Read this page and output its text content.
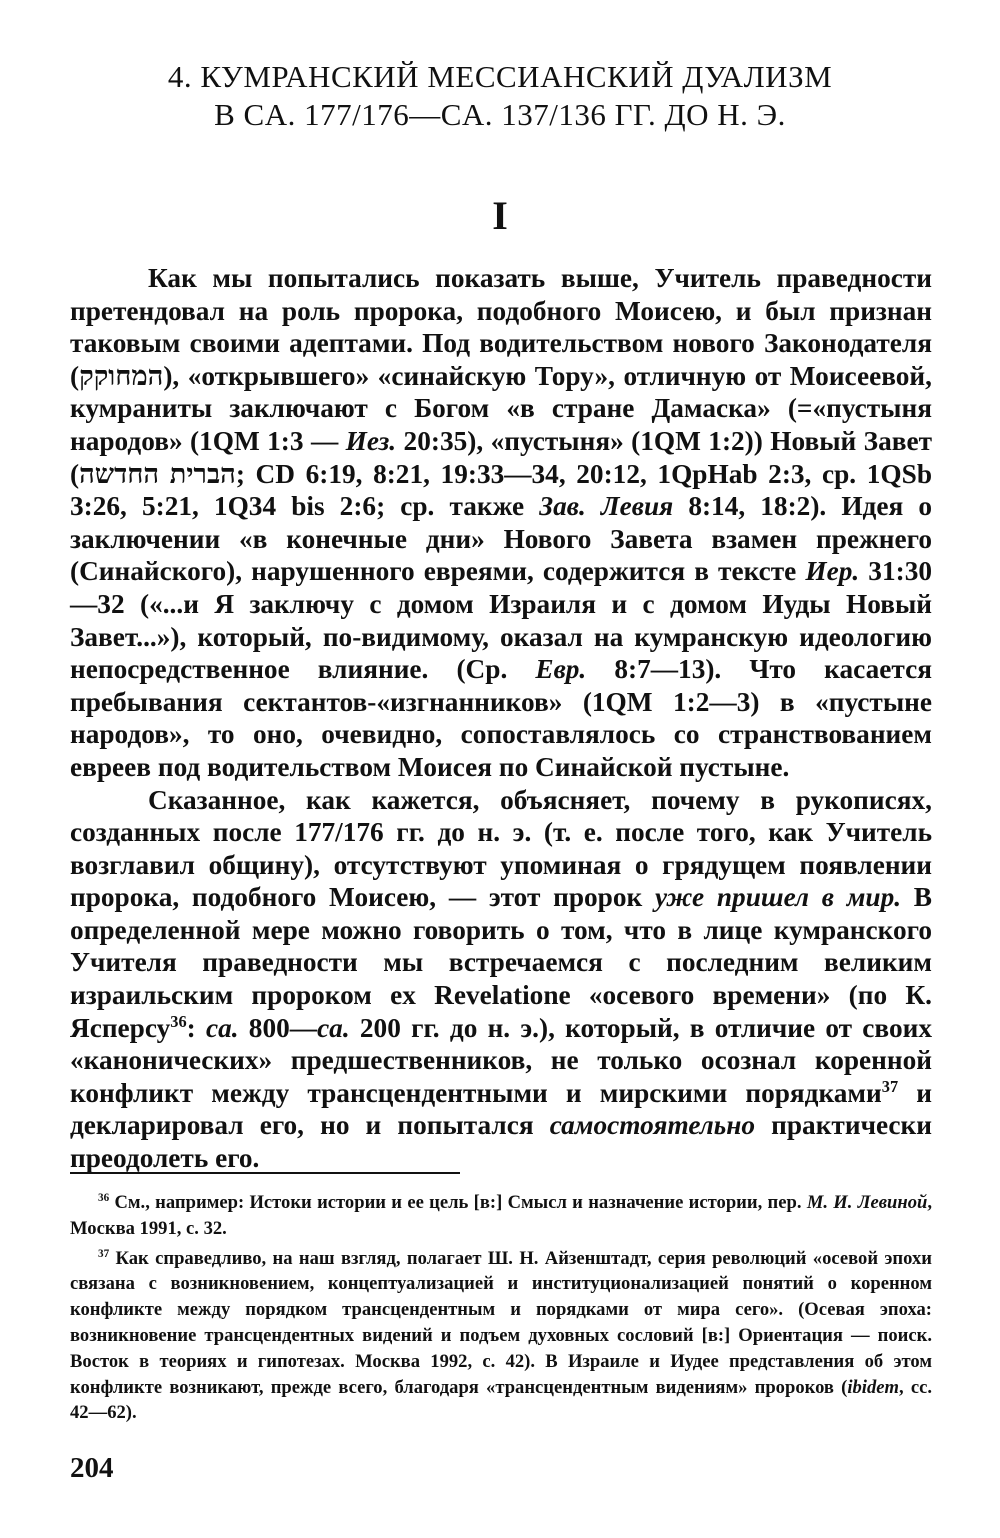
4. КУМРАНСКИЙ МЕССИАНСКИЙ ДУАЛИЗМ
В CA. 177/176—CA. 137/136 ГГ. ДО Н. Э.
I

Как мы попытались показать выше, Учитель праведности претендовал на роль пророка, подобного Моисею, и был признан таковым своими адептами. Под водительством нового Законодателя (המחוקק), «открывшего» «синайскую Тору», отличную от Моисеевой, кумраниты заключают с Богом «в стране Дамаска» (=«пустыня народов» (1QM 1:3 — Иез. 20:35), «пустыня» (1QM 1:2)) Новый Завет (הברית החדשה; CD 6:19, 8:21, 19:33—34, 20:12, 1QpHab 2:3, ср. 1QSb 3:26, 5:21, 1Q34 bis 2:6; ср. также Зав. Левия 8:14, 18:2). Идея о заключении «в конечные дни» Нового Завета взамен прежнего (Синайского), нарушенного евреями, содержится в тексте Иер. 31:30—32 («...и Я заключу с домом Израиля и с домом Иуды Новый Завет...»), который, по-видимому, оказал на кумранскую идеологию непосредственное влияние. (Ср. Евр. 8:7—13). Что касается пребывания сектантов-«изгнанников» (1QM 1:2—3) в «пустыне народов», то оно, очевидно, сопоставлялось со странствованием евреев под водительством Моисея по Синайской пустыне.

Сказанное, как кажется, объясняет, почему в рукописях, созданных после 177/176 гг. до н. э. (т. е. после того, как Учитель возглавил общину), отсутствуют упоминая о грядущем появлении пророка, подобного Моисею, — этот пророк уже пришел в мир. В определенной мере можно говорить о том, что в лице кумранского Учителя праведности мы встречаемся с последним великим израильским пророком ex Revelatione «осевого времени» (по К. Ясперсу$^{36}$: ca. 800—ca. 200 гг. до н. э.), который, в отличие от своих «канонических» предшественников, не только осознал коренной конфликт между трансцендентными и мирскими порядками$^{37}$ и декларировал его, но и попытался самостоятельно практически преодолеть его.

$^{36}$ См., например: Истоки истории и ее цель [в:] Смысл и назначение истории, пер. М. И. Левиной, Москва 1991, с. 32.

$^{37}$ Как справедливо, на наш взгляд, полагает Ш. Н. Айзенштадт, серия революций «осевой эпохи связана с возникновением, концептуализацией и институционализацией понятий о коренном конфликте между порядком трансцендентным и порядками от мира сего». (Осевая эпоха: возникновение трансцендентных видений и подъем духовных сословий [в:] Ориентация — поиск. Восток в теориях и гипотезах. Москва 1992, с. 42). В Израиле и Иудее представления об этом конфликте возникают, прежде всего, благодаря «трансцендентным видениям» пророков (ibidem, сс. 42—62).

204
